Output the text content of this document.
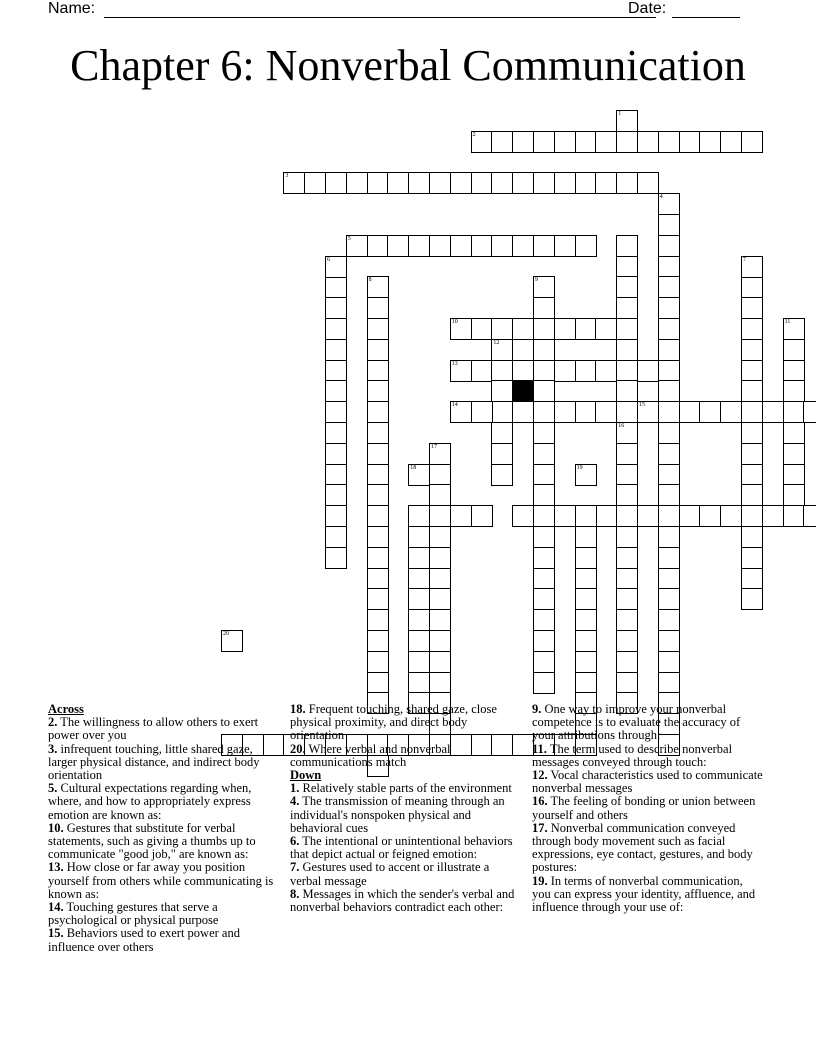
Name:	Date:
Chapter 6: Nonverbal Communication
16
2
3
5
10
13
12
14	15
4
11
1
6	7
8	9
17
18	19
20
Across
2. The willingness to allow others to exert power over you
3. infrequent touching, little shared gaze, larger physical distance, and indirect body orientation
5. Cultural expectations regarding when, where, and how to appropriately express emotion are known as:
10. Gestures that substitute for verbal statements, such as giving a thumbs up to communicate "good job," are known as:
13. How close or far away you position yourself from others while communicating is known as:
14. Touching gestures that serve a psychological or physical purpose
15. Behaviors used to exert power and influence over others
18. Frequent touching, shared gaze, close physical proximity, and direct body orientation
20. Where verbal and nonverbal communications match
Down
1. Relatively stable parts of the environment
4. The transmission of meaning through an individual's nonspoken physical and behavioral cues
6. The intentional or unintentional behaviors that depict actual or feigned emotion:
7. Gestures used to accent or illustrate a verbal message
8. Messages in which the sender's verbal and nonverbal behaviors contradict each other:
9. One way to improve your nonverbal competence is to evaluate the accuracy of your attributions through:
11. The term used to describe nonverbal messages conveyed through touch:
12. Vocal characteristics used to communicate nonverbal messages
16. The feeling of bonding or union between yourself and others
17. Nonverbal communication conveyed through body movement such as facial expressions, eye contact, gestures, and body postures:
19. In terms of nonverbal communication, you can express your identity, affluence, and influence through your use of:
